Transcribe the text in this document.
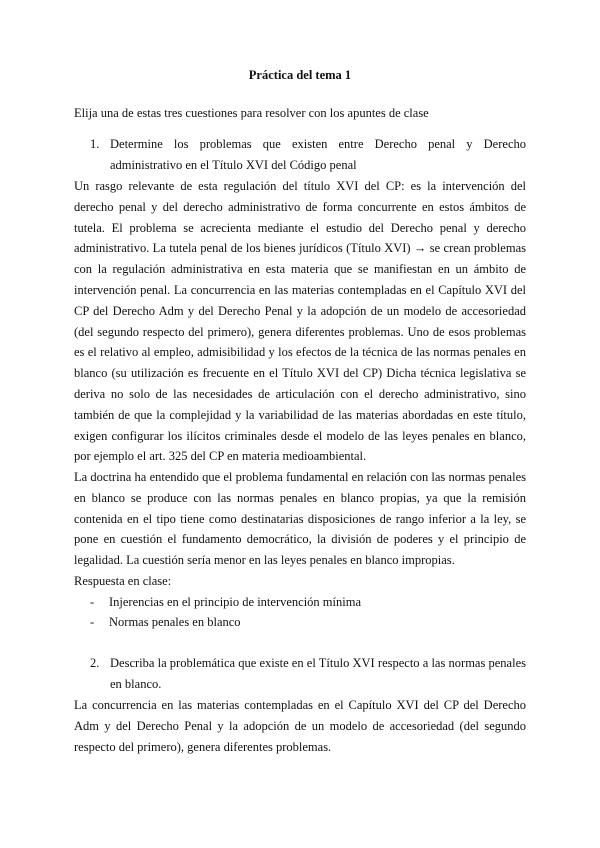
Práctica del tema 1
Elija una de estas tres cuestiones para resolver con los apuntes de clase
1. Determine los problemas que existen entre Derecho penal y Derecho administrativo en el Título XVI del Código penal
Un rasgo relevante de esta regulación del título XVI del CP: es la intervención del derecho penal y del derecho administrativo de forma concurrente en estos ámbitos de tutela. El problema se acrecienta mediante el estudio del Derecho penal y derecho administrativo. La tutela penal de los bienes jurídicos (Título XVI) → se crean problemas con la regulación administrativa en esta materia que se manifiestan en un ámbito de intervención penal. La concurrencia en las materias contempladas en el Capítulo XVI del CP del Derecho Adm y del Derecho Penal y la adopción de un modelo de accesoriedad (del segundo respecto del primero), genera diferentes problemas. Uno de esos problemas es el relativo al empleo, admisibilidad y los efectos de la técnica de las normas penales en blanco (su utilización es frecuente en el Título XVI del CP) Dicha técnica legislativa se deriva no solo de las necesidades de articulación con el derecho administrativo, sino también de que la complejidad y la variabilidad de las materias abordadas en este título, exigen configurar los ilícitos criminales desde el modelo de las leyes penales en blanco, por ejemplo el art. 325 del CP en materia medioambiental.
La doctrina ha entendido que el problema fundamental en relación con las normas penales en blanco se produce con las normas penales en blanco propias, ya que la remisión contenida en el tipo tiene como destinatarias disposiciones de rango inferior a la ley, se pone en cuestión el fundamento democrático, la división de poderes y el principio de legalidad. La cuestión sería menor en las leyes penales en blanco impropias.
Respuesta en clase:
- Injerencias en el principio de intervención mínima
- Normas penales en blanco
2. Describa la problemática que existe en el Título XVI respecto a las normas penales en blanco.
La concurrencia en las materias contempladas en el Capítulo XVI del CP del Derecho Adm y del Derecho Penal y la adopción de un modelo de accesoriedad (del segundo respecto del primero), genera diferentes problemas.
